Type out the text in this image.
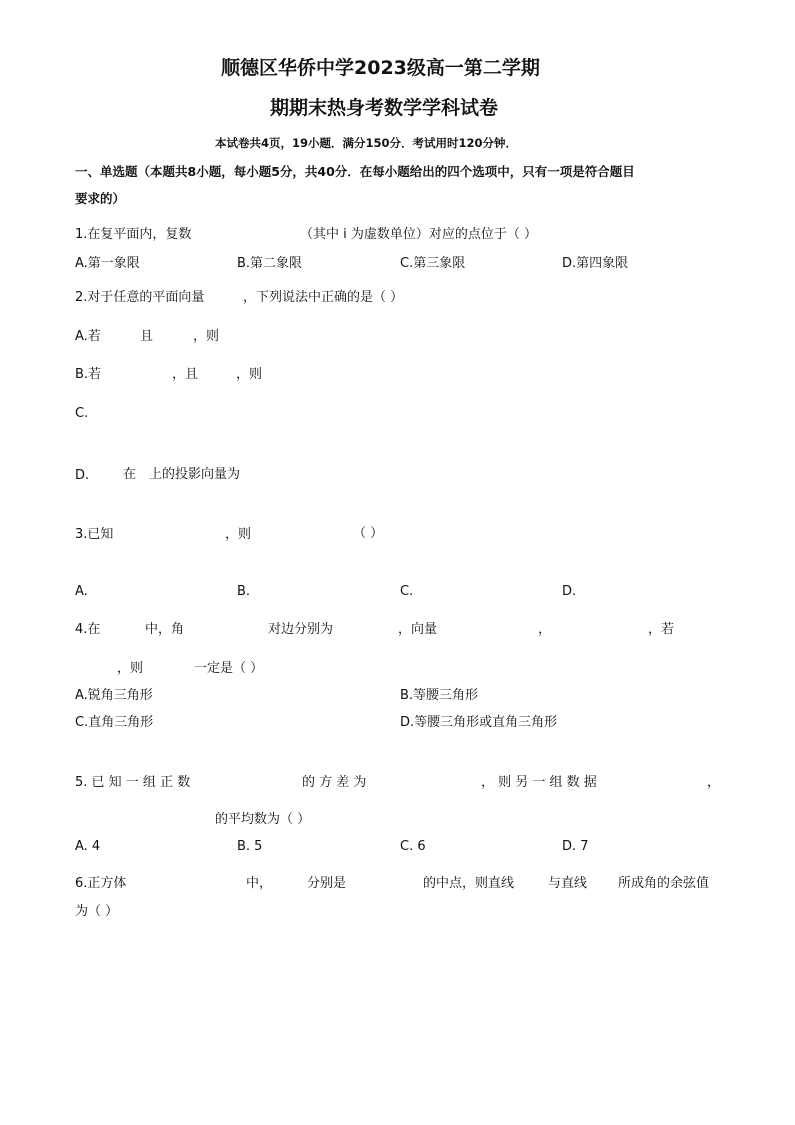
顺德区华侨中学2023级高一第二学期
期期末热身考数学学科试卷
本试卷共4页，19小题．满分150分．考试用时120分钟．
一、单选题（本题共8小题，每小题5分，共40分．在每小题给出的四个选项中，只有一项是符合题目
要求的）
1.在复平面内，复数	（其中 i 为虚数单位）对应的点位于（ ）
A.第一象限	B.第二象限	C.第三象限	D.第四象限
2.对于任意的平面向量	，下列说法中正确的是（ ）
A.若	且	，则
B.若	，且	，则
C.
D.	在 上的投影向量为
3.已知	，则	（ ）
A.	B.	C.	D.
4.在	中，角	对边分别为	，向量	，	，若
，则	一定是（ ）
A.锐角三角形	B.等腰三角形
C.直角三角形	D.等腰三角形或直角三角形
5. 已 知 一 组 正 数	的 方 差 为	， 则 另 一 组 数 据	，
的平均数为（ ）
A. 4	B. 5	C. 6	D. 7
6.正方体	中，	分别是	的中点，则直线	与直线 所成角的余弦值
为（ ）
